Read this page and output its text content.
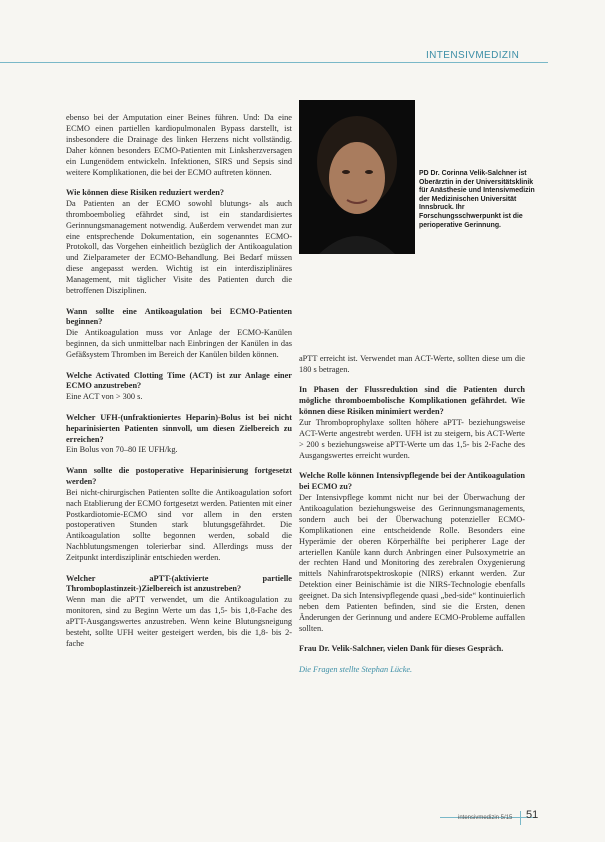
INTENSIVMEDIZIN

ebenso bei der Amputation einer Beines führen. Und: Da eine ECMO einen partiellen kardiopulmonalen Bypass darstellt, ist insbesondere die Drainage des linken Herzens nicht vollständig. Daher können besonders ECMO-Patienten mit Linksherzversagen ein Lungenödem entwickeln. Infektionen, SIRS und Sepsis sind weitere Komplikationen, die bei der ECMO auftreten können.

Wie können diese Risiken reduziert werden?
Da Patienten an der ECMO sowohl blutungs- als auch thromboembolieg efährdet sind, ist ein standardisiertes Gerinnungsmanagement notwendig. Außerdem verwendet man zur eine entsprechende Dokumentation, ein sogenanntes ECMO-Protokoll, das Vorgehen einheitlich bezüglich der Antikoagulation und Zielparameter der ECMO-Behandlung. Bei Bedarf müssen diese angepasst werden. Wichtig ist ein interdisziplinäres Management, mit täglicher Visite des Patienten durch die betroffenen Disziplinen.

Wann sollte eine Antikoagulation bei ECMO-Patienten beginnen?
Die Antikoagulation muss vor Anlage der ECMO-Kanülen beginnen, da sich unmittelbar nach Einbringen der Kanülen in das Gefäßsystem Thromben im Bereich der Kanülen bilden können.

Welche Activated Clotting Time (ACT) ist zur Anlage einer ECMO anzustreben?
Eine ACT von > 300 s.

Welcher UFH-(unfraktioniertes Heparin)-Bolus ist bei nicht heparinisierten Patienten sinnvoll, um diesen Zielbereich zu erreichen?
Ein Bolus von 70–80 IE UFH/kg.

Wann sollte die postoperative Heparinisierung fortgesetzt werden?
Bei nicht-chirurgischen Patienten sollte die Antikoagulation sofort nach Etablierung der ECMO fortgesetzt werden. Patienten mit einer Postkardiotomie-ECMO sind vor allem in den ersten postoperativen Stunden stark blutungsgefährdet. Die Antikoagulation sollte begonnen werden, sobald die Nachblutungsmengen tolerierbar sind. Allerdings muss der Zeitpunkt interdisziplinär entschieden werden.

Welcher aPTT-(aktivierte partielle Thromboplastinzeit-)Zielbereich ist anzustreben?
Wenn man die aPTT verwendet, um die Antikoagulation zu monitoren, sind zu Beginn Werte um das 1,5- bis 1,8-Fache des aPTT-Ausgangswertes anzustreben. Wenn keine Blutungsneigung besteht, sollte UFH weiter gesteigert werden, bis die 1,8- bis 2-fache

PD Dr. Corinna Velik-Salchner ist Oberärztin in der Universitätsklinik für Anästhesie und Intensivmedizin der Medizinischen Universität Innsbruck. Ihr Forschungsschwerpunkt ist die perioperative Gerinnung.

aPTT erreicht ist. Verwendet man ACT-Werte, sollten diese um die 180 s betragen.

In Phasen der Flussreduktion sind die Patienten durch mögliche thromboembolische Komplikationen gefährdet. Wie können diese Risiken minimiert werden?
Zur Thromboprophylaxe sollten höhere aPTT- beziehungsweise ACT-Werte angestrebt werden. UFH ist zu steigern, bis ACT-Werte > 200 s beziehungsweise aPTT-Werte um das 1,5- bis 2-Fache des Ausgangswertes erreicht wurden.

Welche Rolle können Intensivpflegende bei der Antikoagulation bei ECMO zu?
Der Intensivpflege kommt nicht nur bei der Überwachung der Antikoagulation beziehungsweise des Gerinnungsmanagements, sondern auch bei der Überwachung potenzieller ECMO-Komplikationen eine entscheidende Rolle. Besonders eine Hyperämie der oberen Körperhälfte bei peripherer Lage der arteriellen Kanüle kann durch Anbringen einer Pulsoxymetrie an der rechten Hand und Monitoring des zerebralen Oxygenierung mittels Nahinfrarotspektroskopie (NIRS) erkannt werden. Zur Detektion einer Beinischämie ist die NIRS-Technologie ebenfalls geeignet. Da sich Intensivpflegende quasi „bed-side“ kontinuierlich neben dem Patienten befinden, sind sie die Ersten, denen Änderungen der Gerinnung und andere ECMO-Probleme auffallen sollten.

Frau Dr. Velik-Salchner, vielen Dank für dieses Gespräch.

Die Fragen stellte Stephan Lücke.

intensivmedizin 5/15 51
